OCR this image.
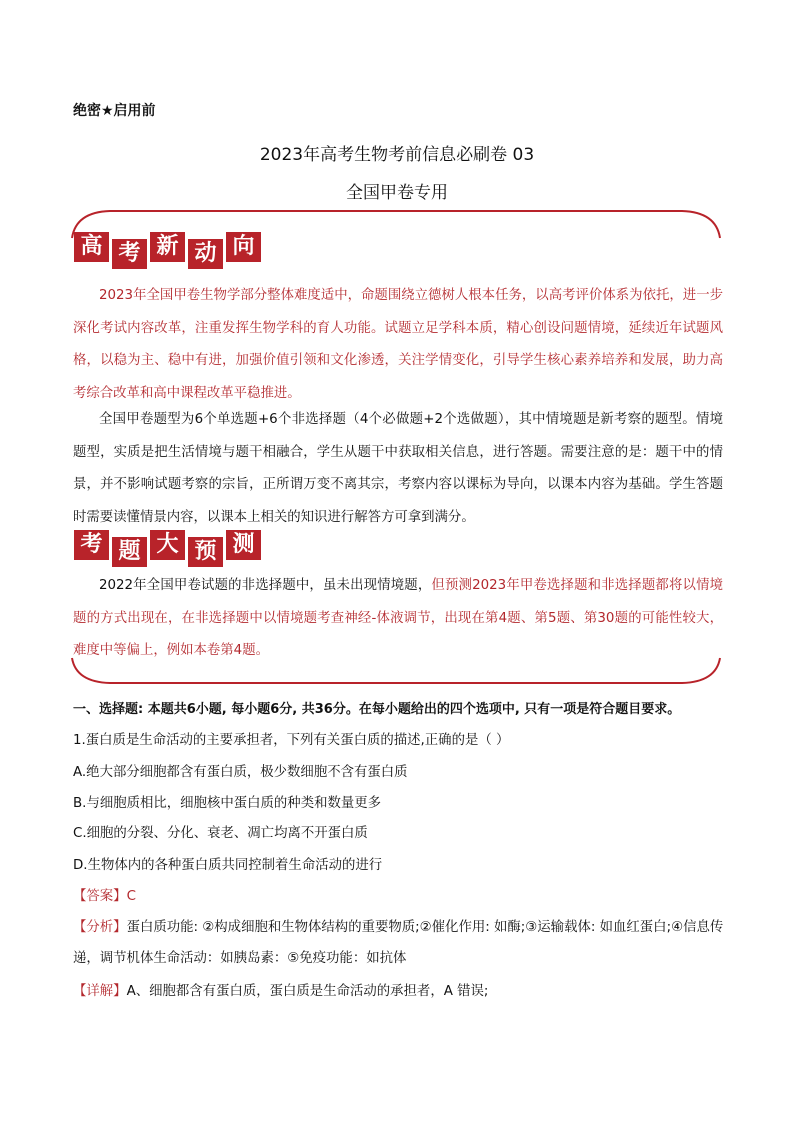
绝密★启用前
2023年高考生物考前信息必刷卷 03
全国甲卷专用
高 考 新 动 向
2023年全国甲卷生物学部分整体难度适中，命题围绕立德树人根本任务，以高考评价体系为依托，进一步深化考试内容改革，注重发挥生物学科的育人功能。试题立足学科本质，精心创设问题情境，延续近年试题风格，以稳为主、稳中有进，加强价值引领和文化渗透，关注学情变化，引导学生核心素养培养和发展，助力高考综合改革和高中课程改革平稳推进。
全国甲卷题型为6个单选题+6个非选择题（4个必做题+2个选做题），其中情境题是新考察的题型。情境题型，实质是把生活情境与题干相融合，学生从题干中获取相关信息，进行答题。需要注意的是：题干中的情景，并不影响试题考察的宗旨，正所谓万变不离其宗，考察内容以课标为导向，以课本内容为基础。学生答题时需要读懂情景内容，以课本上相关的知识进行解答方可拿到满分。
考 题 大 预 测
2022年全国甲卷试题的非选择题中，虽未出现情境题，但预测2023年甲卷选择题和非选择题都将以情境题的方式出现在，在非选择题中以情境题考查神经-体液调节，出现在第4题、第5题、第30题的可能性较大，难度中等偏上，例如本卷第4题。
一、选择题: 本题共6小题, 每小题6分, 共36分。在每小题给出的四个选项中, 只有一项是符合题目要求。
1.蛋白质是生命活动的主要承担者，下列有关蛋白质的描述,正确的是（ ）
A.绝大部分细胞都含有蛋白质，极少数细胞不含有蛋白质
B.与细胞质相比，细胞核中蛋白质的种类和数量更多
C.细胞的分裂、分化、衰老、凋亡均离不开蛋白质
D.生物体内的各种蛋白质共同控制着生命活动的进行
【答案】C
【分析】蛋白质功能: ②构成细胞和生物体结构的重要物质;②催化作用: 如酶;③运输载体: 如血红蛋白;④信息传递，调节机体生命活动：如胰岛素：⑤免疫功能：如抗体
【详解】A、细胞都含有蛋白质，蛋白质是生命活动的承担者，A 错误;
